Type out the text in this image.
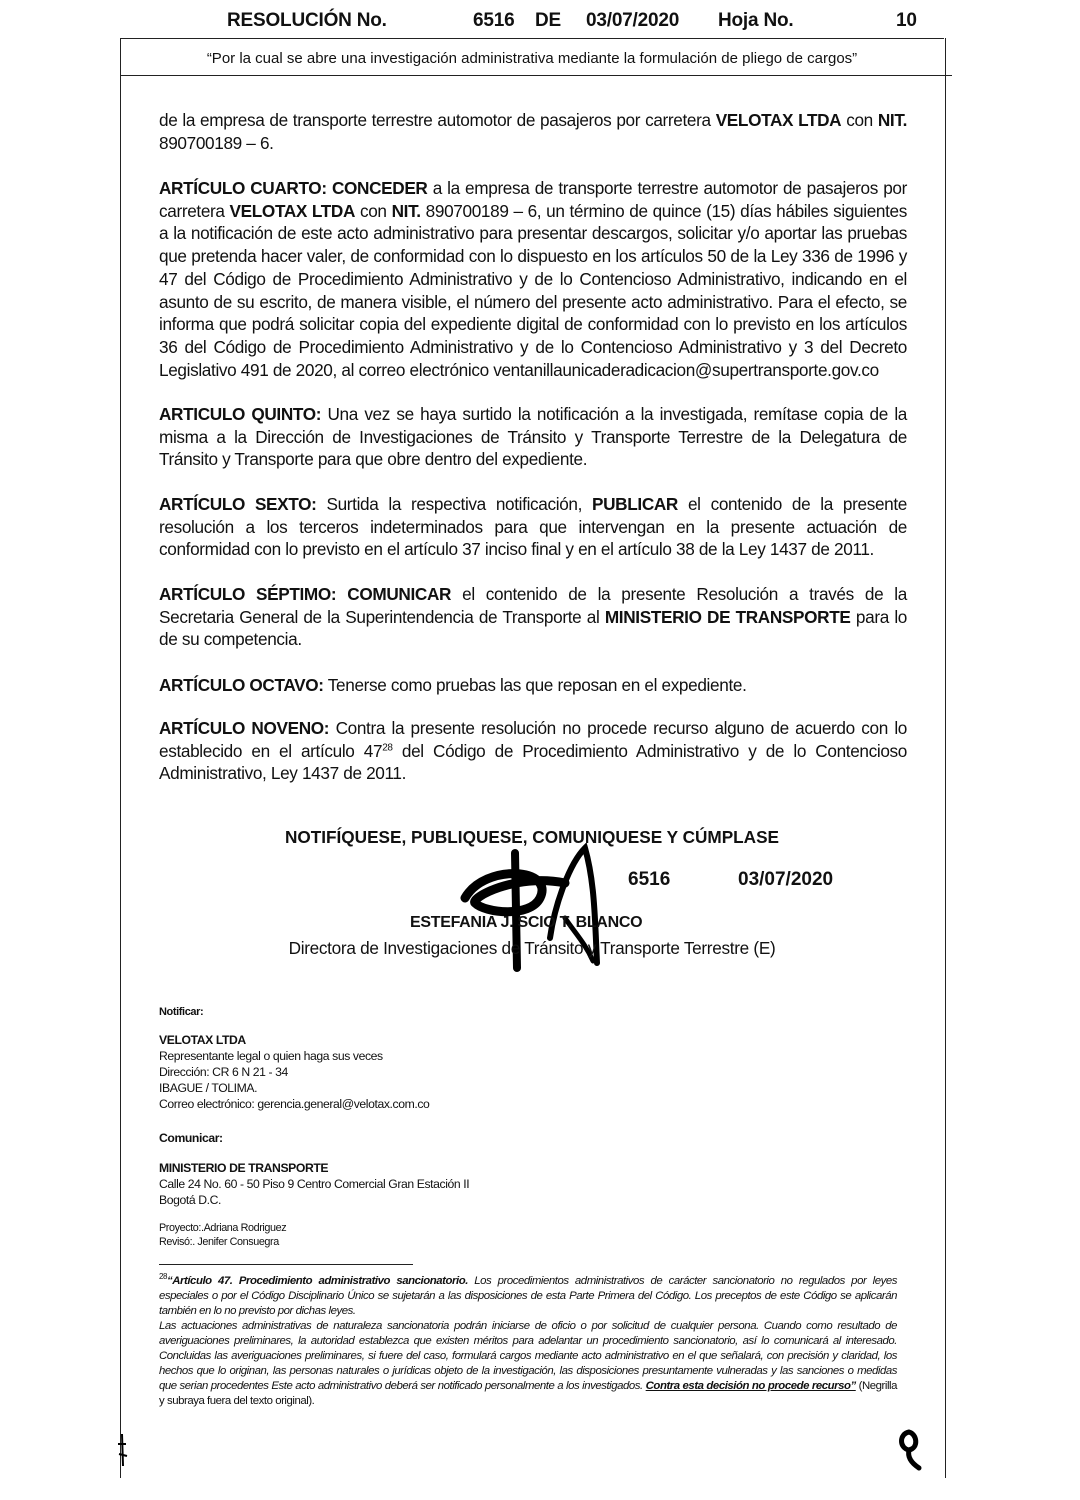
RESOLUCIÓN No.	6516 DE 03/07/2020 Hoja No.	10
“Por la cual se abre una investigación administrativa mediante la formulación de pliego de cargos”
de la empresa de transporte terrestre automotor de pasajeros por carretera VELOTAX LTDA con NIT. 890700189 – 6.
ARTÍCULO CUARTO: CONCEDER a la empresa de transporte terrestre automotor de pasajeros por carretera VELOTAX LTDA con NIT. 890700189 – 6, un término de quince (15) días hábiles siguientes a la notificación de este acto administrativo para presentar descargos, solicitar y/o aportar las pruebas que pretenda hacer valer, de conformidad con lo dispuesto en los artículos 50 de la Ley 336 de 1996 y 47 del Código de Procedimiento Administrativo y de lo Contencioso Administrativo, indicando en el asunto de su escrito, de manera visible, el número del presente acto administrativo. Para el efecto, se informa que podrá solicitar copia del expediente digital de conformidad con lo previsto en los artículos 36 del Código de Procedimiento Administrativo y de lo Contencioso Administrativo y 3 del Decreto Legislativo 491 de 2020, al correo electrónico ventanillaunicaderadicacion@supertransporte.gov.co
ARTICULO QUINTO: Una vez se haya surtido la notificación a la investigada, remítase copia de la misma a la Dirección de Investigaciones de Tránsito y Transporte Terrestre de la Delegatura de Tránsito y Transporte para que obre dentro del expediente.
ARTÍCULO SEXTO: Surtida la respectiva notificación, PUBLICAR el contenido de la presente resolución a los terceros indeterminados para que intervengan en la presente actuación de conformidad con lo previsto en el artículo 37 inciso final y en el artículo 38 de la Ley 1437 de 2011.
ARTÍCULO SÉPTIMO: COMUNICAR el contenido de la presente Resolución a través de la Secretaria General de la Superintendencia de Transporte al MINISTERIO DE TRANSPORTE para lo de su competencia.
ARTÍCULO OCTAVO: Tenerse como pruebas las que reposan en el expediente.
ARTÍCULO NOVENO: Contra la presente resolución no procede recurso alguno de acuerdo con lo establecido en el artículo $47^{28}$ del Código de Procedimiento Administrativo y de lo Contencioso Administrativo, Ley 1437 de 2011.
NOTIFÍQUESE, PUBLIQUESE, COMUNIQUESE Y CÚMPLASE
6516	03/07/2020
ESTEFANIA J. SCIO T. BLANCO
Directora de Investigaciones de Tránsito y Transporte Terrestre (E)
Notificar:
VELOTAX LTDA
Representante legal o quien haga sus veces
Dirección: CR 6 N 21 - 34
IBAGUE / TOLIMA.
Correo electrónico: gerencia.general@velotax.com.co
Comunicar:
MINISTERIO DE TRANSPORTE
Calle 24 No. 60 - 50 Piso 9 Centro Comercial Gran Estación II
Bogotá D.C.
Proyecto:.Adriana Rodriguez
Revisó:. Jenifer Consuegra
$^{28}$“Artículo 47. Procedimiento administrativo sancionatorio. Los procedimientos administrativos de carácter sancionatorio no regulados por leyes especiales o por el Código Disciplinario Único se sujetarán a las disposiciones de esta Parte Primera del Código. Los preceptos de este Código se aplicarán también en lo no previsto por dichas leyes.
Las actuaciones administrativas de naturaleza sancionatoria podrán iniciarse de oficio o por solicitud de cualquier persona. Cuando como resultado de averiguaciones preliminares, la autoridad establezca que existen méritos para adelantar un procedimiento sancionatorio, así lo comunicará al interesado. Concluidas las averiguaciones preliminares, si fuere del caso, formulará cargos mediante acto administrativo en el que señalará, con precisión y claridad, los hechos que lo originan, las personas naturales o jurídicas objeto de la investigación, las disposiciones presuntamente vulneradas y las sanciones o medidas que serian procedentes Este acto administrativo deberá ser notificado personalmente a los investigados. Contra esta decisión no procede recurso” (Negrilla y subraya fuera del texto original).
